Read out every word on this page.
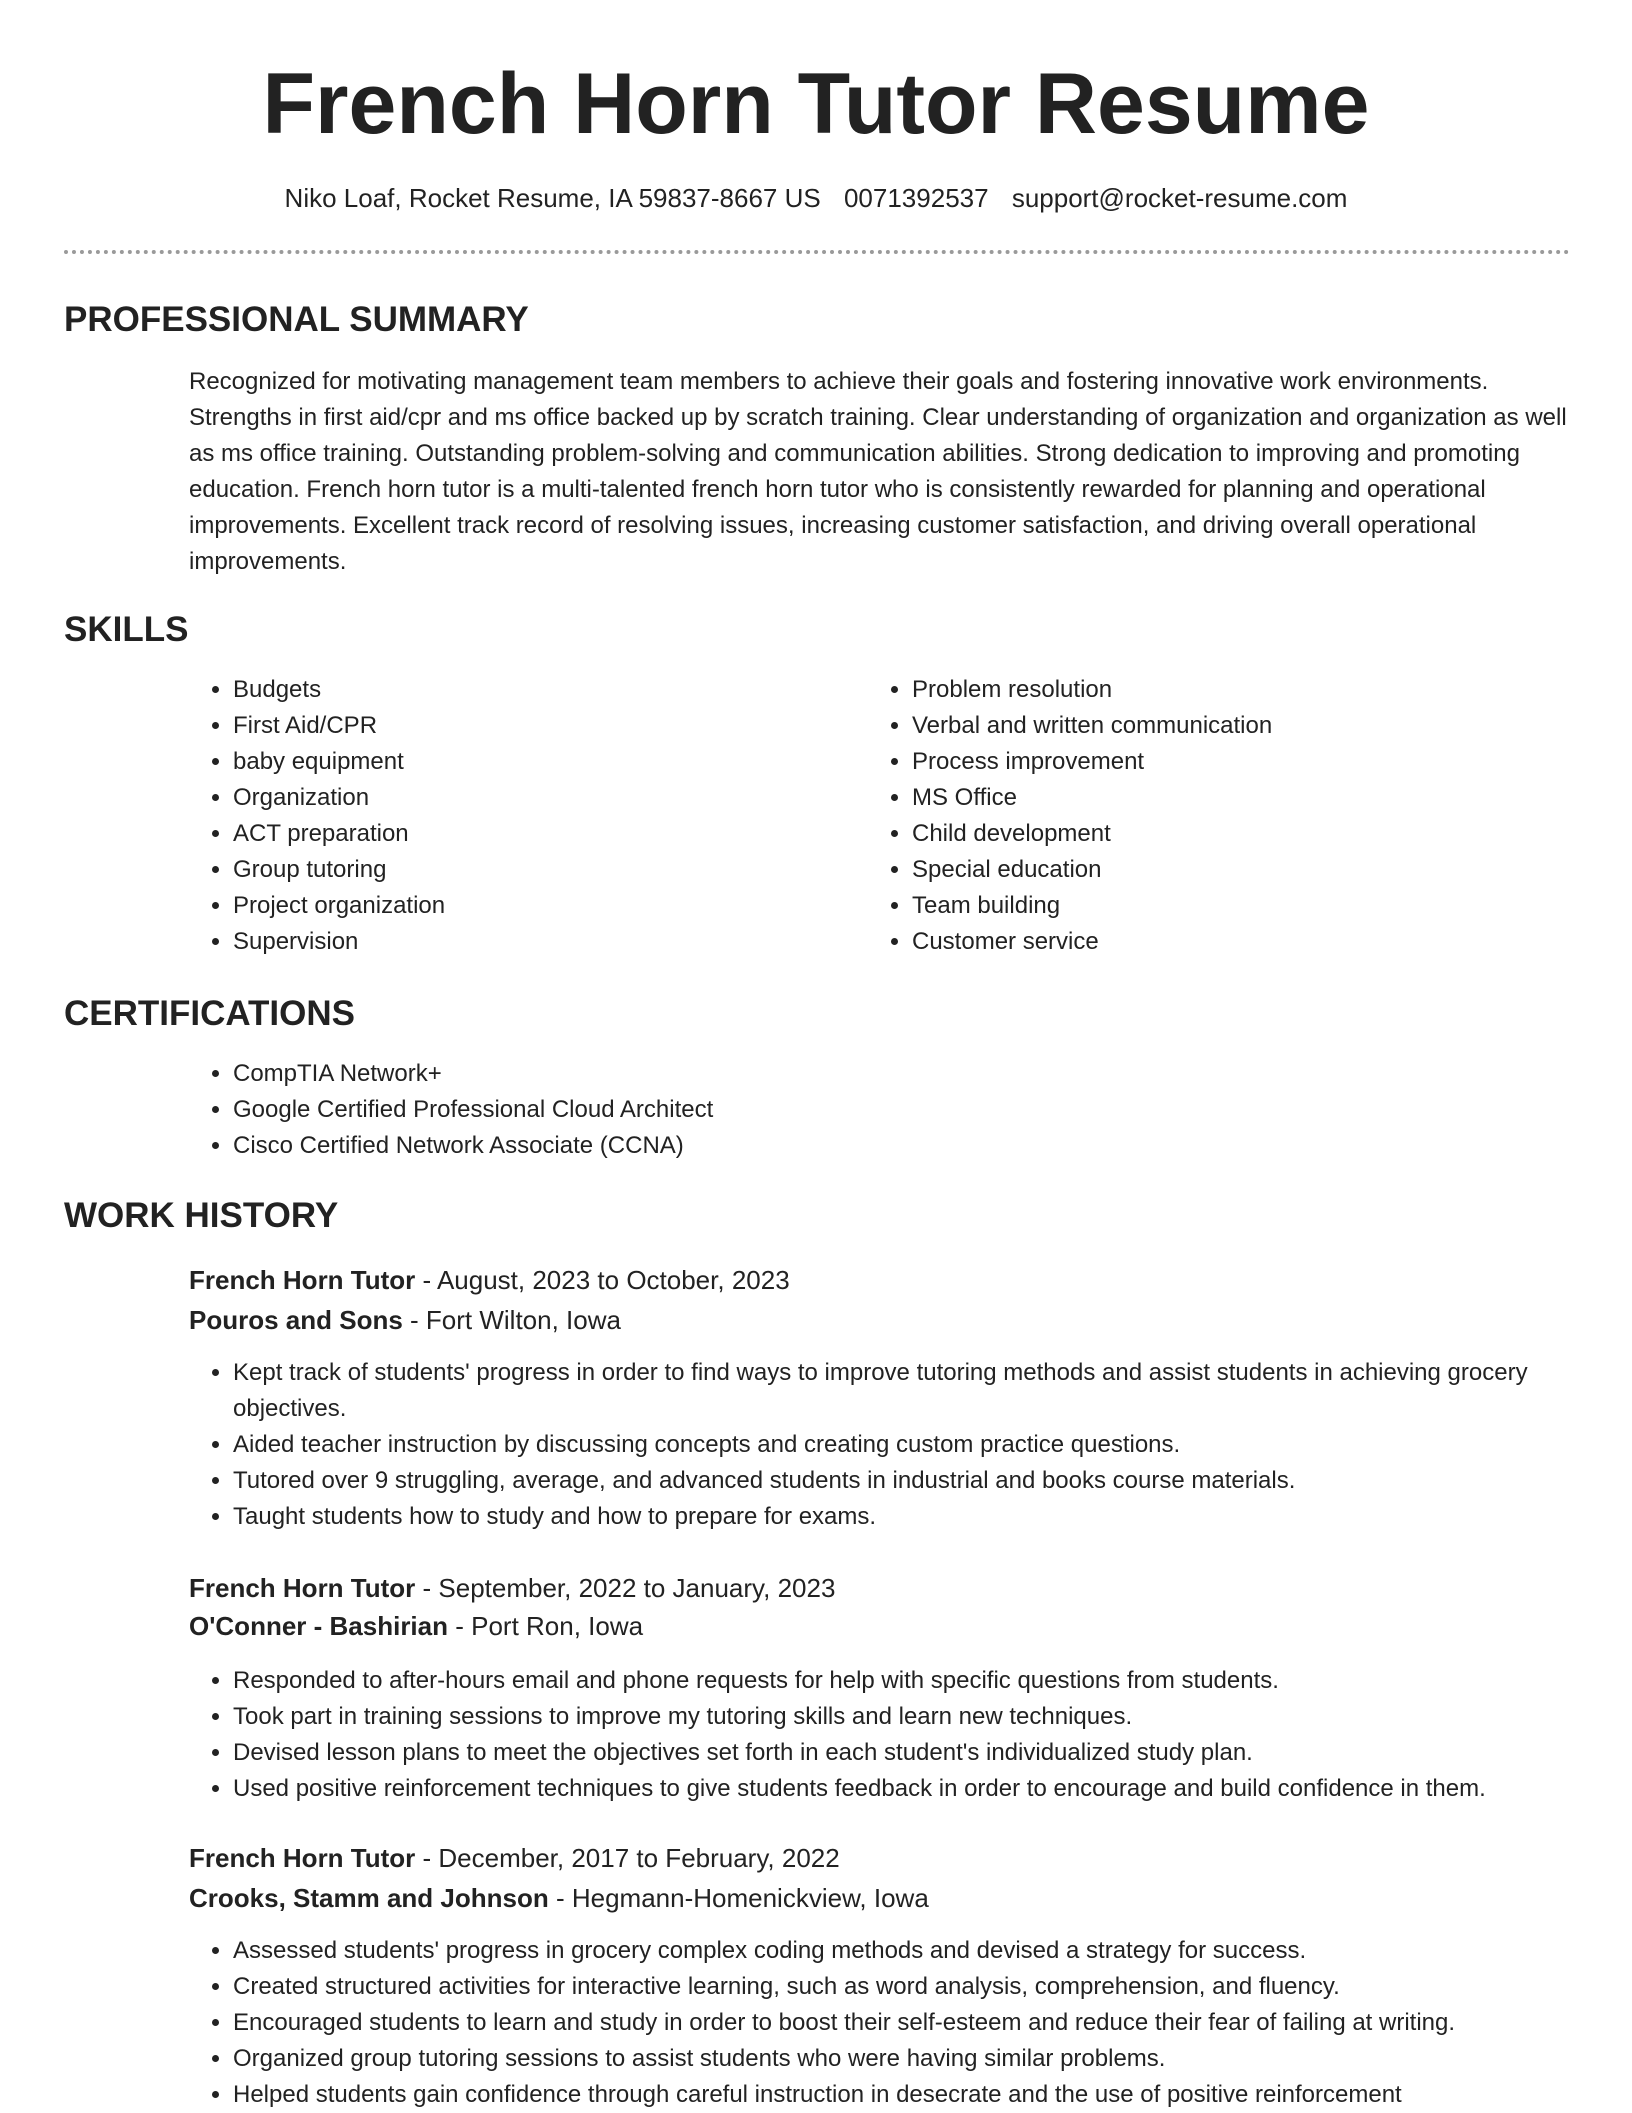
French Horn Tutor Resume
Niko Loaf, Rocket Resume, IA 59837-8667 US 0071392537 support@rocket-resume.com
PROFESSIONAL SUMMARY

Recognized for motivating management team members to achieve their goals and fostering innovative work environments. Strengths in first aid/cpr and ms office backed up by scratch training. Clear understanding of organization and organization as well as ms office training. Outstanding problem-solving and communication abilities. Strong dedication to improving and promoting education. French horn tutor is a multi-talented french horn tutor who is consistently rewarded for planning and operational improvements. Excellent track record of resolving issues, increasing customer satisfaction, and driving overall operational improvements.

SKILLS
• Budgets
• First Aid/CPR
• baby equipment
• Organization
• ACT preparation
• Group tutoring
• Project organization
• Supervision
• Problem resolution
• Verbal and written communication
• Process improvement
• MS Office
• Child development
• Special education
• Team building
• Customer service
CERTIFICATIONS
• CompTIA Network+
• Google Certified Professional Cloud Architect
• Cisco Certified Network Associate (CCNA)
WORK HISTORY
French Horn Tutor - August, 2023 to October, 2023
Pouros and Sons - Fort Wilton, Iowa
• Kept track of students' progress in order to find ways to improve tutoring methods and assist students in achieving grocery objectives.
• Aided teacher instruction by discussing concepts and creating custom practice questions.
• Tutored over 9 struggling, average, and advanced students in industrial and books course materials.
• Taught students how to study and how to prepare for exams.
French Horn Tutor - September, 2022 to January, 2023
O'Conner - Bashirian - Port Ron, Iowa
• Responded to after-hours email and phone requests for help with specific questions from students.
• Took part in training sessions to improve my tutoring skills and learn new techniques.
• Devised lesson plans to meet the objectives set forth in each student's individualized study plan.
• Used positive reinforcement techniques to give students feedback in order to encourage and build confidence in them.
French Horn Tutor - December, 2017 to February, 2022
Crooks, Stamm and Johnson - Hegmann-Homenickview, Iowa
• Assessed students' progress in grocery complex coding methods and devised a strategy for success.
• Created structured activities for interactive learning, such as word analysis, comprehension, and fluency.
• Encouraged students to learn and study in order to boost their self-esteem and reduce their fear of failing at writing.
• Organized group tutoring sessions to assist students who were having similar problems.
• Helped students gain confidence through careful instruction in desecrate and the use of positive reinforcement
